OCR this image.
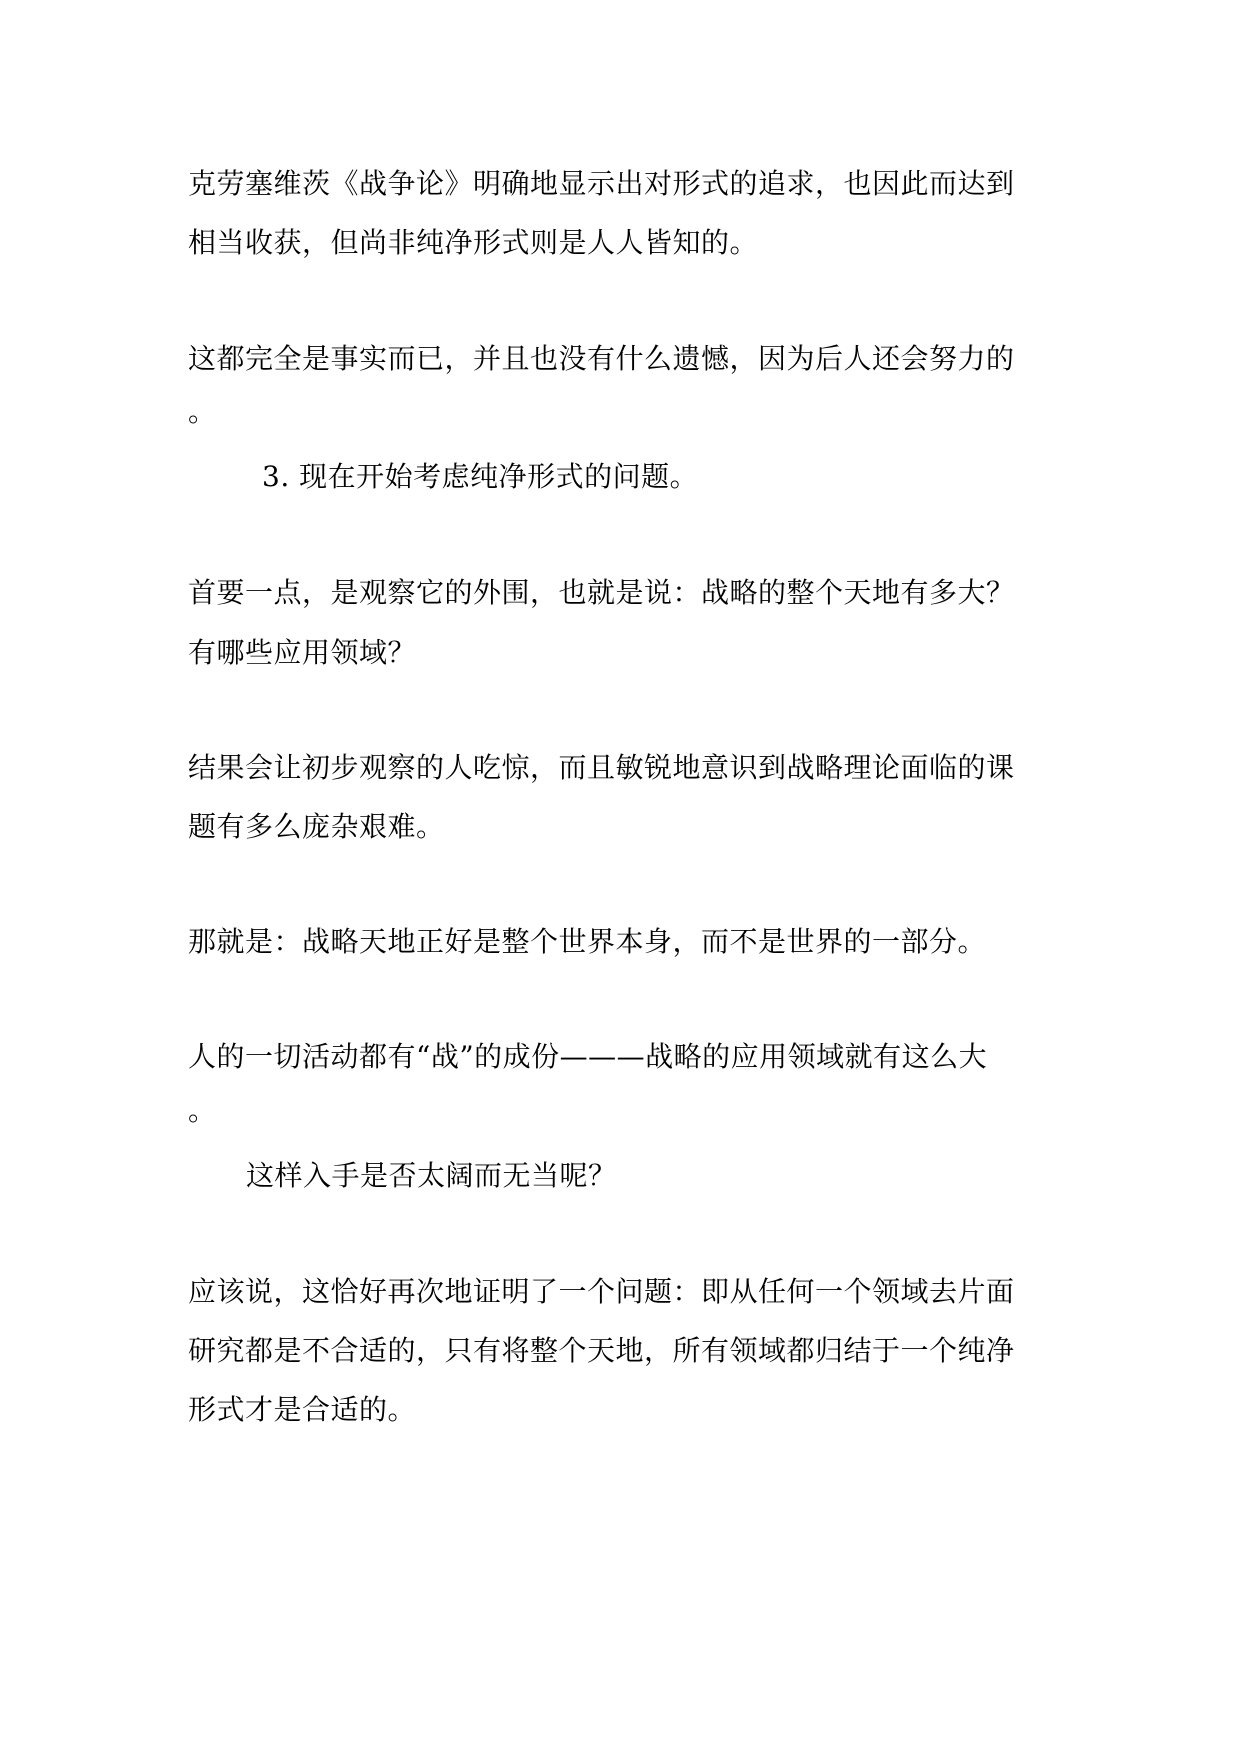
克劳塞维茨《战争论》明确地显示出对形式的追求，也因此而达到
相当收获，但尚非纯净形式则是人人皆知的。
这都完全是事实而已，并且也没有什么遗憾，因为后人还会努力的
。
3. 现在开始考虑纯净形式的问题。
首要一点，是观察它的外围，也就是说：战略的整个天地有多大？
有哪些应用领域？
结果会让初步观察的人吃惊，而且敏锐地意识到战略理论面临的课
题有多么庞杂艰难。
那就是：战略天地正好是整个世界本身，而不是世界的一部分。
人的一切活动都有“战”的成份———战略的应用领域就有这么大
。
这样入手是否太阔而无当呢？
应该说，这恰好再次地证明了一个问题：即从任何一个领域去片面
研究都是不合适的，只有将整个天地，所有领域都归结于一个纯净
形式才是合适的。
